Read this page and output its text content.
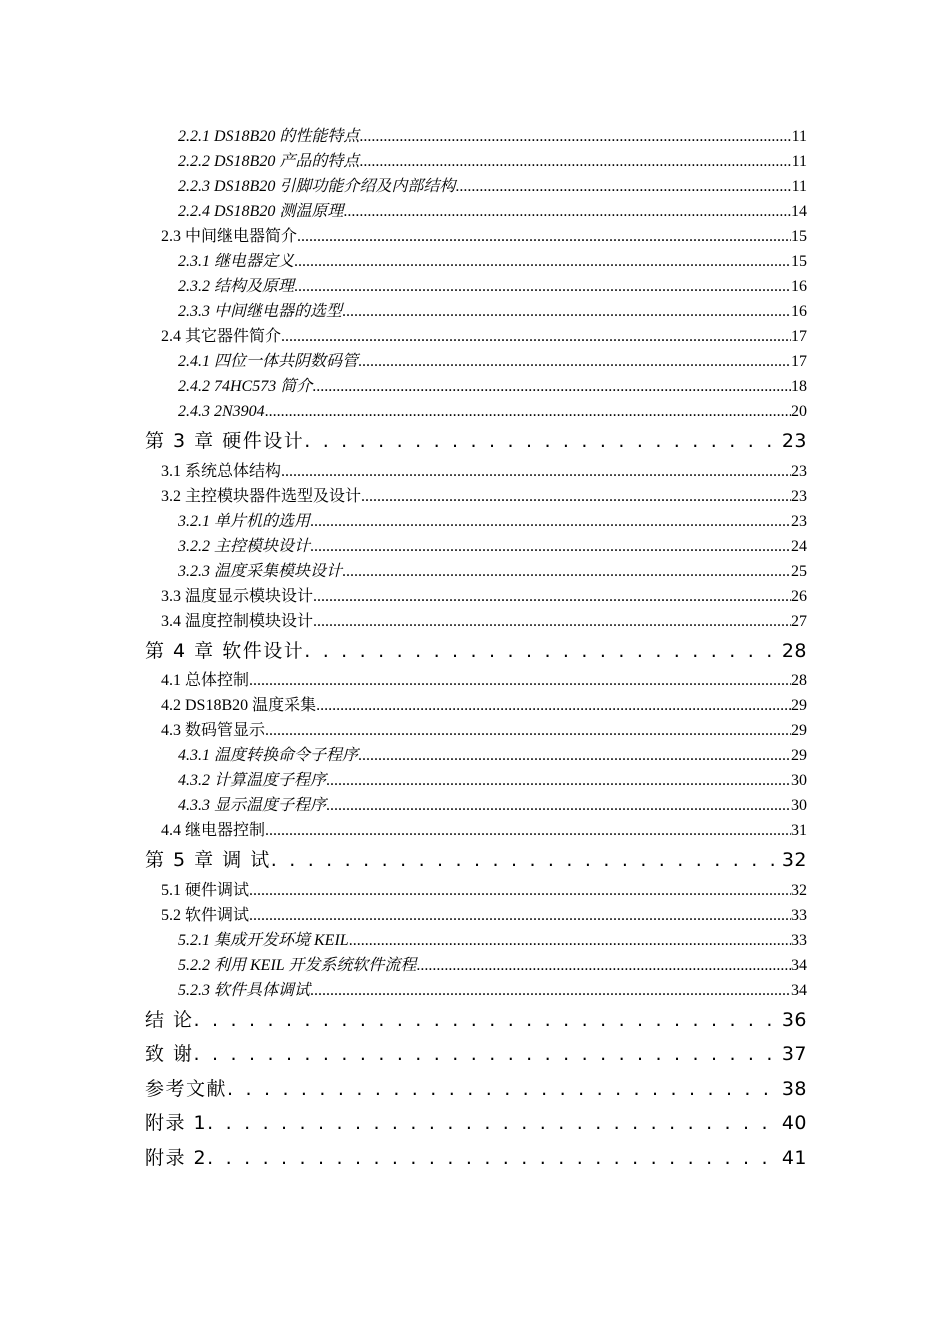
2.2.1 DS18B20 的性能特点 .....	11
2.2.2 DS18B20 产品的特点 .....	11
2.2.3 DS18B20 引脚功能介绍及内部结构 .....	11
2.2.4 DS18B20 测温原理 .....	14
2.3 中间继电器简介 .....	15
2.3.1 继电器定义 .....	15
2.3.2 结构及原理 .....	16
2.3.3 中间继电器的选型 .....	16
2.4 其它器件简介 .....	17
2.4.1 四位一体共阴数码管 .....	17
2.4.2 74HC573 简介 .....	18
2.4.3 2N3904 .....	20
第 3 章 硬件设计 . . .	23
3.1 系统总体结构 .....	23
3.2 主控模块器件选型及设计 .....	23
3.2.1 单片机的选用 .....	23
3.2.2 主控模块设计 .....	24
3.2.3 温度采集模块设计 .....	25
3.3 温度显示模块设计 .....	26
3.4 温度控制模块设计 .....	27
第 4 章 软件设计 . . .	28
4.1 总体控制 .....	28
4.2 DS18B20 温度采集 .....	29
4.3 数码管显示 .....	29
4.3.1 温度转换命令子程序 .....	29
4.3.2 计算温度子程序 .....	30
4.3.3 显示温度子程序 .....	30
4.4 继电器控制 .....	31
第 5 章 调 试 . . .	32
5.1 硬件调试 .....	32
5.2 软件调试 .....	33
5.2.1 集成开发环境 KEIL .....	33
5.2.2 利用 KEIL 开发系统软件流程 .....	34
5.2.3 软件具体调试 .....	34
结 论 . . .	36
致 谢 . . .	37
参考文献 . . .	38
附录 1 . . .	40
附录 2 . . .	41
